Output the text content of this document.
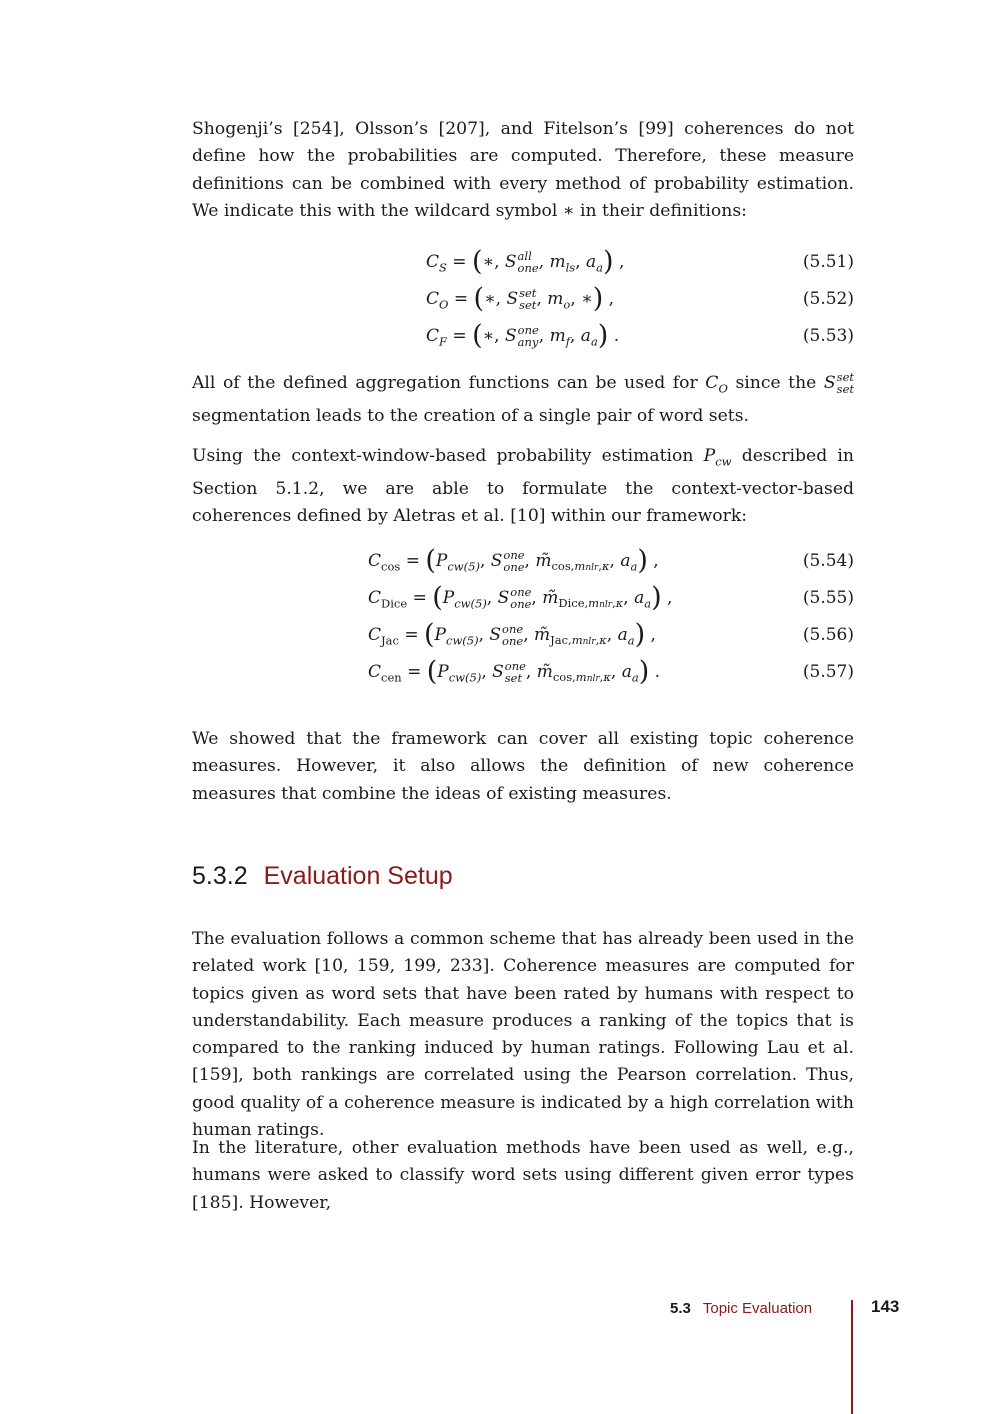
Shogenji’s [254], Olsson’s [207], and Fitelson’s [99] coherences do not define how the probabilities are computed. Therefore, these measure definitions can be combined with every method of probability estimation. We indicate this with the wildcard symbol ∗ in their definitions:

$C_S$ = (∗, S all
one , $m_{ls}$, $a_a$) ,	(5.51)
$C_O$ = (∗, S set
set , $m_o$, ∗) ,	(5.52)
$C_F$ = (∗, S one
any , $m_f$, $a_a$) .	(5.53)

All of the defined aggregation functions can be used for $C_O$ since the S set
set
segmentation leads to the creation of a single pair of word sets.

Using the context-window-based probability estimation $P_{cw}$ described in Section 5.1.2, we are able to formulate the context-vector-based coherences defined by Aletras et al. [10] within our framework:

$C_{cos} = (P_{cw(5)}$, S one
one , $m̃_{cos,mnlr,\kappa}$, $a_a$) ,	(5.54)
$C_{Dice} = (P_{cw(5)}$, S one
one , $m̃_{Dice,mnlr,\kappa}$, $a_a$) ,	(5.55)
$C_{Jac} = (P_{cw(5)}$, S one
one , $m̃_{Jac,mnlr,\kappa}$, $a_a$) ,	(5.56)
$C_{cen} = (P_{cw(5)}$, S one
set , $m̃_{cos,mnlr,\kappa}$, $a_a$) .	(5.57)

We showed that the framework can cover all existing topic coherence measures. However, it also allows the definition of new coherence measures that combine the ideas of existing measures.

5.3.2 Evaluation Setup

The evaluation follows a common scheme that has already been used in the related work [10, 159, 199, 233]. Coherence measures are computed for topics given as word sets that have been rated by humans with respect to understandability. Each measure produces a ranking of the topics that is compared to the ranking induced by human ratings. Following Lau et al. [159], both rankings are correlated using the Pearson correlation. Thus, good quality of a coherence measure is indicated by a high correlation with human ratings.

In the literature, other evaluation methods have been used as well, e.g., humans were asked to classify word sets using different given error types [185]. However,

5.3 Topic Evaluation	143
